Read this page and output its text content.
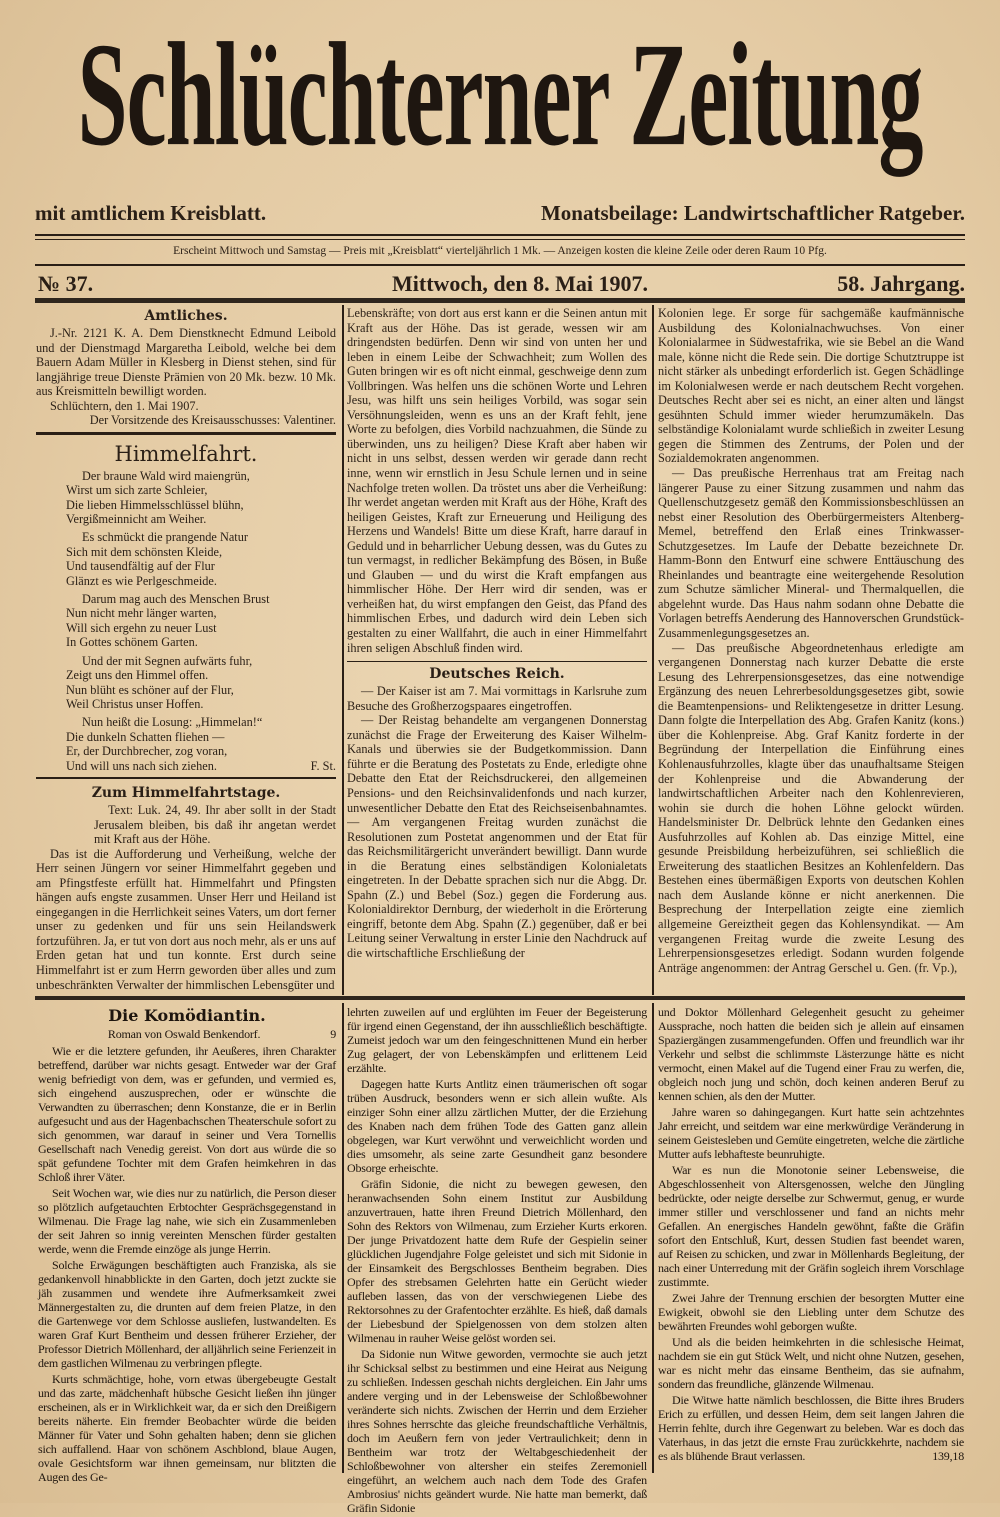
Schlüchterner Zeitung
mit amtlichem Kreisblatt.	Monatsbeilage: Landwirtschaftlicher Ratgeber.
Erscheint Mittwoch und Samstag — Preis mit „Kreisblatt“ vierteljährlich 1 Mk. — Anzeigen kosten die kleine Zeile oder deren Raum 10 Pfg.
№ 37.	Mittwoch, den 8. Mai 1907.	58. Jahrgang.
Amtliches.

J.-Nr. 2121 K. A. Dem Dienstknecht Edmund Leibold und der Dienstmagd Margaretha Leibold, welche bei dem Bauern Adam Müller in Klesberg in Dienst stehen, sind für langjährige treue Dienste Prämien von 20 Mk. bezw. 10 Mk. aus Kreismitteln bewilligt worden.

Schlüchtern, den 1. Mai 1907.

Der Vorsitzende des Kreisausschusses: Valentiner.

Himmelfahrt.
Der braune Wald wird maiengrün,
Wirst um sich zarte Schleier,
Die lieben Himmelsschlüssel blühn,
Vergißmeinnicht am Weiher.
Es schmückt die prangende Natur
Sich mit dem schönsten Kleide,
Und tausendfältig auf der Flur
Glänzt es wie Perlgeschmeide.
Darum mag auch des Menschen Brust
Nun nicht mehr länger warten,
Will sich ergehn zu neuer Lust
In Gottes schönem Garten.
Und der mit Segnen aufwärts fuhr,
Zeigt uns den Himmel offen.
Nun blüht es schöner auf der Flur,
Weil Christus unser Hoffen.
Nun heißt die Losung: „Himmelan!“
Die dunkeln Schatten fliehen —
Er, der Durchbrecher, zog voran,
F. St.
Und will uns nach sich ziehen.
Zum Himmelfahrtstage.

Text: Luk. 24, 49. Ihr aber sollt in der Stadt Jerusalem bleiben, bis daß ihr angetan werdet mit Kraft aus der Höhe.

Das ist die Aufforderung und Verheißung, welche der Herr seinen Jüngern vor seiner Himmelfahrt gegeben und am Pfingstfeste erfüllt hat. Himmelfahrt und Pfingsten hängen aufs engste zusammen. Unser Herr und Heiland ist eingegangen in die Herrlichkeit seines Vaters, um dort ferner unser zu gedenken und für uns sein Heilandswerk fortzuführen. Ja, er tut von dort aus noch mehr, als er uns auf Erden getan hat und tun konnte. Erst durch seine Himmelfahrt ist er zum Herrn geworden über alles und zum unbeschränkten Verwalter der himmlischen Lebensgüter und

Lebenskräfte; von dort aus erst kann er die Seinen antun mit Kraft aus der Höhe. Das ist gerade, wessen wir am dringendsten bedürfen. Denn wir sind von unten her und leben in einem Leibe der Schwachheit; zum Wollen des Guten bringen wir es oft nicht einmal, geschweige denn zum Vollbringen. Was helfen uns die schönen Worte und Lehren Jesu, was hilft uns sein heiliges Vorbild, was sogar sein Versöhnungsleiden, wenn es uns an der Kraft fehlt, jene Worte zu befolgen, dies Vorbild nachzuahmen, die Sünde zu überwinden, uns zu heiligen? Diese Kraft aber haben wir nicht in uns selbst, dessen werden wir gerade dann recht inne, wenn wir ernstlich in Jesu Schule lernen und in seine Nachfolge treten wollen. Da tröstet uns aber die Verheißung: Ihr werdet angetan werden mit Kraft aus der Höhe, Kraft des heiligen Geistes, Kraft zur Erneuerung und Heiligung des Herzens und Wandels! Bitte um diese Kraft, harre darauf in Geduld und in beharrlicher Uebung dessen, was du Gutes zu tun vermagst, in redlicher Bekämpfung des Bösen, in Buße und Glauben — und du wirst die Kraft empfangen aus himmlischer Höhe. Der Herr wird dir senden, was er verheißen hat, du wirst empfangen den Geist, das Pfand des himmlischen Erbes, und dadurch wird dein Leben sich gestalten zu einer Wallfahrt, die auch in einer Himmelfahrt ihren seligen Abschluß finden wird.

Deutsches Reich.

— Der Kaiser ist am 7. Mai vormittags in Karlsruhe zum Besuche des Großherzogspaares eingetroffen.

— Der Reistag behandelte am vergangenen Donnerstag zunächst die Frage der Erweiterung des Kaiser Wilhelm-Kanals und überwies sie der Budgetkommission. Dann führte er die Beratung des Postetats zu Ende, erledigte ohne Debatte den Etat der Reichsdruckerei, den allgemeinen Pensions- und den Reichsinvalidenfonds und nach kurzer, unwesentlicher Debatte den Etat des Reichseisenbahnamtes. — Am vergangenen Freitag wurden zunächst die Resolutionen zum Postetat angenommen und der Etat für das Reichsmilitärgericht unverändert bewilligt. Dann wurde in die Beratung eines selbständigen Kolonialetats eingetreten. In der Debatte sprachen sich nur die Abgg. Dr. Spahn (Z.) und Bebel (Soz.) gegen die Forderung aus. Kolonialdirektor Dernburg, der wiederholt in die Erörterung eingriff, betonte dem Abg. Spahn (Z.) gegenüber, daß er bei Leitung seiner Verwaltung in erster Linie den Nachdruck auf die wirtschaftliche Erschließung der

Kolonien lege. Er sorge für sachgemäße kaufmännische Ausbildung des Kolonialnachwuchses. Von einer Kolonialarmee in Südwestafrika, wie sie Bebel an die Wand male, könne nicht die Rede sein. Die dortige Schutztruppe ist nicht stärker als unbedingt erforderlich ist. Gegen Schädlinge im Kolonialwesen werde er nach deutschem Recht vorgehen. Deutsches Recht aber sei es nicht, an einer alten und längst gesühnten Schuld immer wieder herumzumäkeln. Das selbständige Kolonialamt wurde schließich in zweiter Lesung gegen die Stimmen des Zentrums, der Polen und der Sozialdemokraten angenommen.

— Das preußische Herrenhaus trat am Freitag nach längerer Pause zu einer Sitzung zusammen und nahm das Quellenschutzgesetz gemäß den Kommissionsbeschlüssen an nebst einer Resolution des Oberbürgermeisters Altenberg-Memel, betreffend den Erlaß eines Trinkwasser-Schutzgesetzes. Im Laufe der Debatte bezeichnete Dr. Hamm-Bonn den Entwurf eine schwere Enttäuschung des Rheinlandes und beantragte eine weitergehende Resolution zum Schutze sämlicher Mineral- und Thermalquellen, die abgelehnt wurde. Das Haus nahm sodann ohne Debatte die Vorlagen betreffs Aenderung des Hannoverschen Grundstück-Zusammenlegungsgesetzes an.

— Das preußische Abgeordnetenhaus erledigte am vergangenen Donnerstag nach kurzer Debatte die erste Lesung des Lehrerpensionsgesetzes, das eine notwendige Ergänzung des neuen Lehrerbesoldungsgesetzes gibt, sowie die Beamtenpensions- und Reliktengesetze in dritter Lesung. Dann folgte die Interpellation des Abg. Grafen Kanitz (kons.) über die Kohlenpreise. Abg. Graf Kanitz forderte in der Begründung der Interpellation die Einführung eines Kohlenausfuhrzolles, klagte über das unaufhaltsame Steigen der Kohlenpreise und die Abwanderung der landwirtschaftlichen Arbeiter nach den Kohlenrevieren, wohin sie durch die hohen Löhne gelockt würden. Handelsminister Dr. Delbrück lehnte den Gedanken eines Ausfuhrzolles auf Kohlen ab. Das einzige Mittel, eine gesunde Preisbildung herbeizuführen, sei schließlich die Erweiterung des staatlichen Besitzes an Kohlenfeldern. Das Bestehen eines übermäßigen Exports von deutschen Kohlen nach dem Auslande könne er nicht anerkennen. Die Besprechung der Interpellation zeigte eine ziemlich allgemeine Gereiztheit gegen das Kohlensyndikat. — Am vergangenen Freitag wurde die zweite Lesung des Lehrerpensionsgesetzes erledigt. Sodann wurden folgende Anträge angenommen: der Antrag Gerschel u. Gen. (fr. Vp.),

Die Komödiantin.
9
Roman von Oswald Benkendorf.

Wie er die letztere gefunden, ihr Aeußeres, ihren Charakter betreffend, darüber war nichts gesagt. Entweder war der Graf wenig befriedigt von dem, was er gefunden, und vermied es, sich eingehend auszusprechen, oder er wünschte die Verwandten zu überraschen; denn Konstanze, die er in Berlin aufgesucht und aus der Hagenbachschen Theaterschule sofort zu sich genommen, war darauf in seiner und Vera Tornellis Gesellschaft nach Venedig gereist. Von dort aus würde die so spät gefundene Tochter mit dem Grafen heimkehren in das Schloß ihrer Väter.

Seit Wochen war, wie dies nur zu natürlich, die Person dieser so plötzlich aufgetauchten Erbtochter Gesprächsgegenstand in Wilmenau. Die Frage lag nahe, wie sich ein Zusammenleben der seit Jahren so innig vereinten Menschen fürder gestalten werde, wenn die Fremde einzöge als junge Herrin.

Solche Erwägungen beschäftigten auch Franziska, als sie gedankenvoll hinabblickte in den Garten, doch jetzt zuckte sie jäh zusammen und wendete ihre Aufmerksamkeit zwei Männergestalten zu, die drunten auf dem freien Platze, in den die Gartenwege vor dem Schlosse ausliefen, lustwandelten. Es waren Graf Kurt Bentheim und dessen früherer Erzieher, der Professor Dietrich Möllenhard, der alljährlich seine Ferienzeit in dem gastlichen Wilmenau zu verbringen pflegte.

Kurts schmächtige, hohe, vorn etwas übergebeugte Gestalt und das zarte, mädchenhaft hübsche Gesicht ließen ihn jünger erscheinen, als er in Wirklichkeit war, da er sich den Dreißigern bereits näherte. Ein fremder Beobachter würde die beiden Männer für Vater und Sohn gehalten haben; denn sie glichen sich auffallend. Haar von schönem Aschblond, blaue Augen, ovale Gesichtsform war ihnen gemeinsam, nur blitzten die Augen des Ge-

lehrten zuweilen auf und erglühten im Feuer der Begeisterung für irgend einen Gegenstand, der ihn ausschließlich beschäftigte. Zumeist jedoch war um den feingeschnittenen Mund ein herber Zug gelagert, der von Lebenskämpfen und erlittenem Leid erzählte.

Dagegen hatte Kurts Antlitz einen träumerischen oft sogar trüben Ausdruck, besonders wenn er sich allein wußte. Als einziger Sohn einer allzu zärtlichen Mutter, der die Erziehung des Knaben nach dem frühen Tode des Gatten ganz allein obgelegen, war Kurt verwöhnt und verweichlicht worden und dies umsomehr, als seine zarte Gesundheit ganz besondere Obsorge erheischte.

Gräfin Sidonie, die nicht zu bewegen gewesen, den heranwachsenden Sohn einem Institut zur Ausbildung anzuvertrauen, hatte ihren Freund Dietrich Möllenhard, den Sohn des Rektors von Wilmenau, zum Erzieher Kurts erkoren. Der junge Privatdozent hatte dem Rufe der Gespielin seiner glücklichen Jugendjahre Folge geleistet und sich mit Sidonie in der Einsamkeit des Bergschlosses Bentheim begraben. Dies Opfer des strebsamen Gelehrten hatte ein Gerücht wieder aufleben lassen, das von der verschwiegenen Liebe des Rektorsohnes zu der Grafentochter erzählte. Es hieß, daß damals der Liebesbund der Spielgenossen von dem stolzen alten Wilmenau in rauher Weise gelöst worden sei.

Da Sidonie nun Witwe geworden, vermochte sie auch jetzt ihr Schicksal selbst zu bestimmen und eine Heirat aus Neigung zu schließen. Indessen geschah nichts dergleichen. Ein Jahr ums andere verging und in der Lebensweise der Schloßbewohner veränderte sich nichts. Zwischen der Herrin und dem Erzieher ihres Sohnes herrschte das gleiche freundschaftliche Verhältnis, doch im Aeußern fern von jeder Vertraulichkeit; denn in Bentheim war trotz der Weltabgeschiedenheit der Schloßbewohner von altersher ein steifes Zeremoniell eingeführt, an welchem auch nach dem Tode des Grafen Ambrosius' nichts geändert wurde. Nie hatte man bemerkt, daß Gräfin Sidonie

und Doktor Möllenhard Gelegenheit gesucht zu geheimer Aussprache, noch hatten die beiden sich je allein auf einsamen Spaziergängen zusammengefunden. Offen und freundlich war ihr Verkehr und selbst die schlimmste Lästerzunge hätte es nicht vermocht, einen Makel auf die Tugend einer Frau zu werfen, die, obgleich noch jung und schön, doch keinen anderen Beruf zu kennen schien, als den der Mutter.

Jahre waren so dahingegangen. Kurt hatte sein achtzehntes Jahr erreicht, und seitdem war eine merkwürdige Veränderung in seinem Geistesleben und Gemüte eingetreten, welche die zärtliche Mutter aufs lebhafteste beunruhigte.

War es nun die Monotonie seiner Lebensweise, die Abgeschlossenheit von Altersgenossen, welche den Jüngling bedrückte, oder neigte derselbe zur Schwermut, genug, er wurde immer stiller und verschlossener und fand an nichts mehr Gefallen. An energisches Handeln gewöhnt, faßte die Gräfin sofort den Entschluß, Kurt, dessen Studien fast beendet waren, auf Reisen zu schicken, und zwar in Möllenhards Begleitung, der nach einer Unterredung mit der Gräfin sogleich ihrem Vorschlage zustimmte.

Zwei Jahre der Trennung erschien der besorgten Mutter eine Ewigkeit, obwohl sie den Liebling unter dem Schutze des bewährten Freundes wohl geborgen wußte.

Und als die beiden heimkehrten in die schlesische Heimat, nachdem sie ein gut Stück Welt, und nicht ohne Nutzen, gesehen, war es nicht mehr das einsame Bentheim, das sie aufnahm, sondern das freundliche, glänzende Wilmenau.

Die Witwe hatte nämlich beschlossen, die Bitte ihres Bruders Erich zu erfüllen, und dessen Heim, dem seit langen Jahren die Herrin fehlte, durch ihre Gegenwart zu beleben. War es doch das Vaterhaus, in das jetzt die ernste Frau zurückkehrte, nachdem sie es als blühende Braut verlassen.	139,18
